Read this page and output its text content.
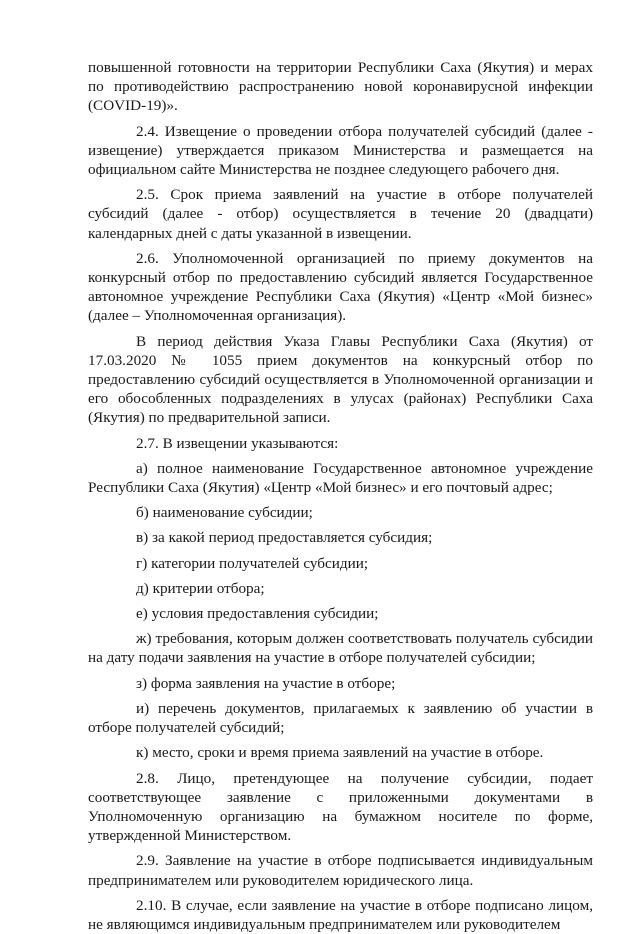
повышенной готовности на территории Республики Саха (Якутия) и мерах по противодействию распространению новой коронавирусной инфекции (COVID-19)».

2.4. Извещение о проведении отбора получателей субсидий (далее - извещение) утверждается приказом Министерства и размещается на официальном сайте Министерства не позднее следующего рабочего дня.

2.5. Срок приема заявлений на участие в отборе получателей субсидий (далее - отбор) осуществляется в течение 20 (двадцати) календарных дней с даты указанной в извещении.

2.6. Уполномоченной организацией по приему документов на конкурсный отбор по предоставлению субсидий является Государственное автономное учреждение Республики Саха (Якутия) «Центр «Мой бизнес» (далее – Уполномоченная организация).

В период действия Указа Главы Республики Саха (Якутия) от 17.03.2020 № 1055 прием документов на конкурсный отбор по предоставлению субсидий осуществляется в Уполномоченной организации и его обособленных подразделениях в улусах (районах) Республики Саха (Якутия) по предварительной записи.

2.7. В извещении указываются:

а) полное наименование Государственное автономное учреждение Республики Саха (Якутия) «Центр «Мой бизнес» и его почтовый адрес;

б) наименование субсидии;

в) за какой период предоставляется субсидия;

г) категории получателей субсидии;

д) критерии отбора;

е) условия предоставления субсидии;

ж) требования, которым должен соответствовать получатель субсидии на дату подачи заявления на участие в отборе получателей субсидии;

з) форма заявления на участие в отборе;

и) перечень документов, прилагаемых к заявлению об участии в отборе получателей субсидий;

к) место, сроки и время приема заявлений на участие в отборе.

2.8. Лицо, претендующее на получение субсидии, подает соответствующее заявление с приложенными документами в Уполномоченную организацию на бумажном носителе по форме, утвержденной Министерством.

2.9. Заявление на участие в отборе подписывается индивидуальным предпринимателем или руководителем юридического лица.

2.10. В случае, если заявление на участие в отборе подписано лицом, не являющимся индивидуальным предпринимателем или руководителем
